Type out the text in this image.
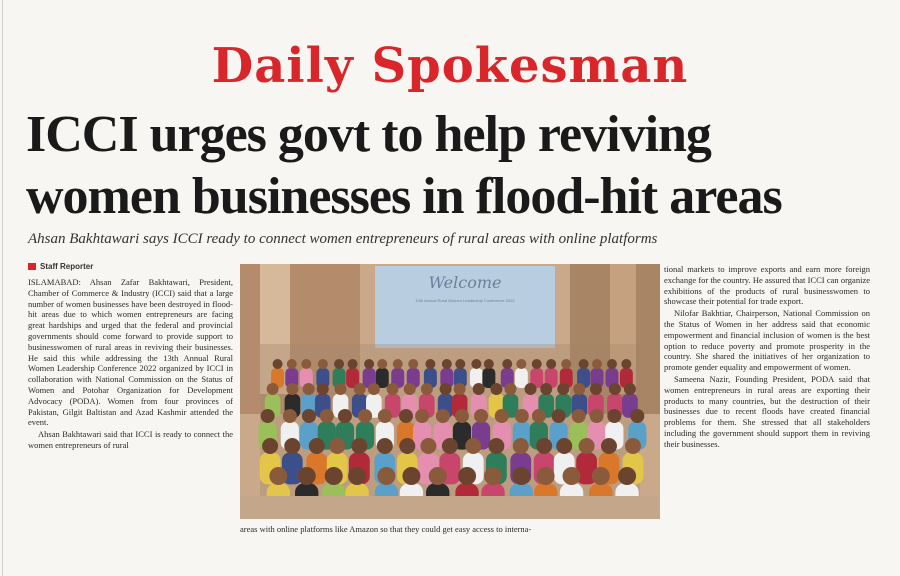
Daily Spokesman
ICCI urges govt to help reviving
women businesses in flood-hit areas
Ahsan Bakhtawari says ICCI ready to connect women entrepreneurs of rural areas with online platforms
Staff Reporter

ISLAMABAD: Ahsan Zafar Bakhtawari, President, Chamber of Commerce & Industry (ICCI) said that a large number of women businesses have been destroyed in flood-hit areas due to which women entrepreneurs are facing great hardships and urged that the federal and provincial governments should come forward to provide support to businesswomen of rural areas in reviving their businesses. He said this while addressing the 13th Annual Rural Women Leadership Conference 2022 organized by ICCI in collaboration with National Commission on the Status of Women and Potohar Organization for Development Advocacy (PODA). Women from four provinces of Pakistan, Gilgit Baltistan and Azad Kashmir attended the event.

Ahsan Bakhtawari said that ICCI is ready to connect the women entrepreneurs of rural

Welcome
13th Annual Rural Women Leadership Conference 2022
areas with online platforms like Amazon so that they could get easy access to interna-

tional markets to improve exports and earn more foreign exchange for the country. He assured that ICCI can organize exhibitions of the products of rural businesswomen to showcase their potential for trade export.

Nilofar Bakhtiar, Chairperson, National Commission on the Status of Women in her address said that economic empowerment and financial inclusion of women is the best option to reduce poverty and promote prosperity in the country. She shared the initiatives of her organization to promote gender equality and empowerment of women.

Sameena Nazir, Founding President, PODA said that women entrepreneurs in rural areas are exporting their products to many countries, but the destruction of their businesses due to recent floods have created financial problems for them. She stressed that all stakeholders including the government should support them in reviving their businesses.
